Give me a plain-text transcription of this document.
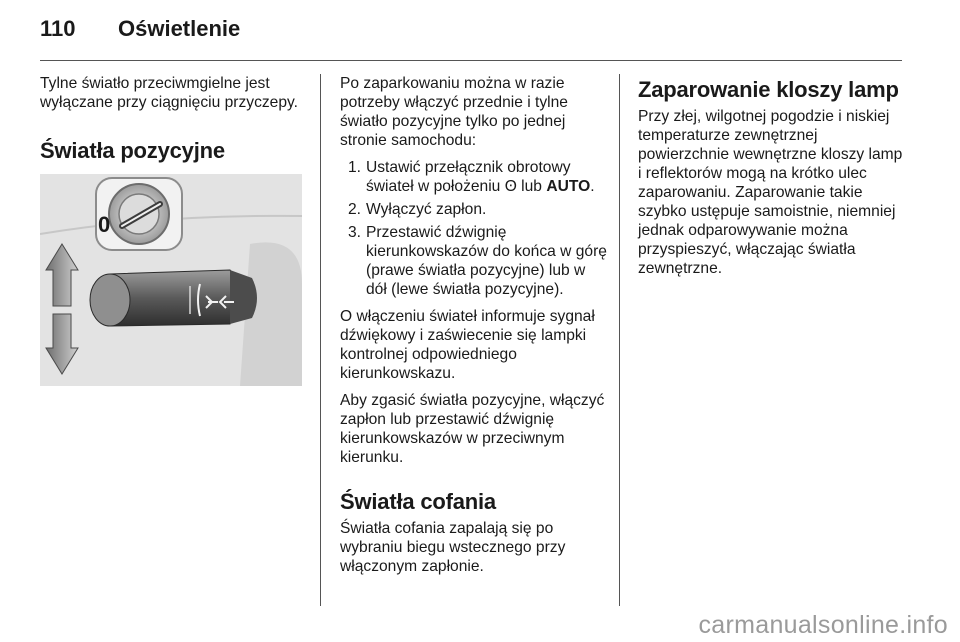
110 Oświetlenie

Tylne światło przeciwmgielne jest wyłączane przy ciągnięciu przyczepy.

Światła pozycyjne
0

Po zaparkowaniu można w razie potrzeby włączyć przednie i tylne światło pozycyjne tylko po jednej stronie samochodu:

1. Ustawić przełącznik obrotowy świateł w położeniu ʘ lub AUTO.
2. Wyłączyć zapłon.
3. Przestawić dźwignię kierunkowskazów do końca w górę (prawe światła pozycyjne) lub w dół (lewe światła pozycyjne).

O włączeniu świateł informuje sygnał dźwiękowy i zaświecenie się lampki kontrolnej odpowiedniego kierunkowskazu.

Aby zgasić światła pozycyjne, włączyć zapłon lub przestawić dźwignię kierunkowskazów w przeciwnym kierunku.

Światła cofania

Światła cofania zapalają się po wybraniu biegu wstecznego przy włączonym zapłonie.

Zaparowanie kloszy lamp

Przy złej, wilgotnej pogodzie i niskiej temperaturze zewnętrznej powierzchnie wewnętrzne kloszy lamp i reflektorów mogą na krótko ulec zaparowaniu. Zaparowanie takie szybko ustępuje samoistnie, niemniej jednak odparowywanie można przyspieszyć, włączając światła zewnętrzne.

carmanualsonline.info
